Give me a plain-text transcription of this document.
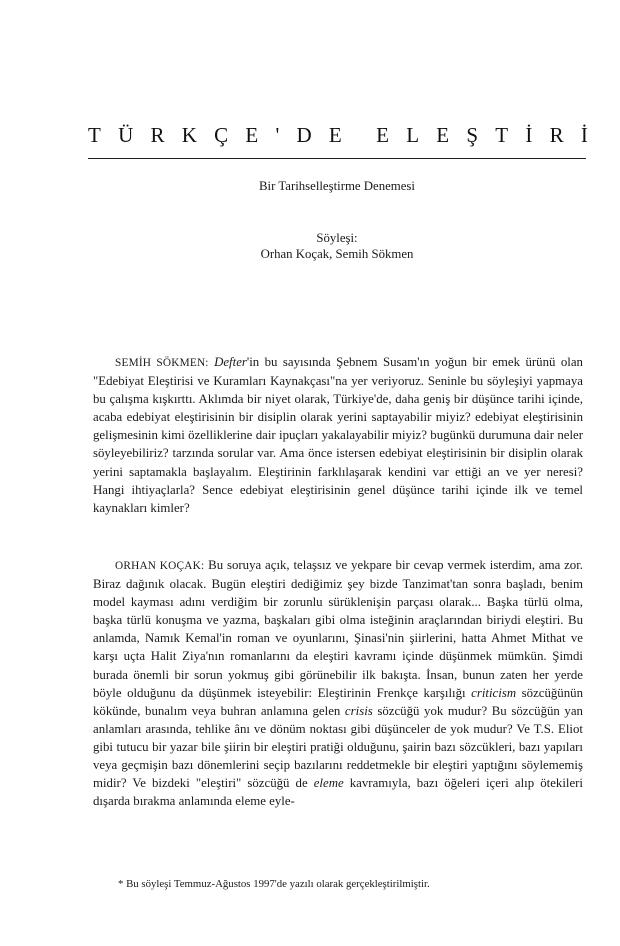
T Ü R K Ç E ' D E E L E Ş T İ R İ
Bir Tarihselleştirme Denemesi
Söyleşi:
Orhan Koçak, Semih Sökmen

SEMİH SÖKMEN: Defter'in bu sayısında Şebnem Susam'ın yoğun bir emek ürünü olan "Edebiyat Eleştirisi ve Kuramları Kaynakçası"na yer veriyoruz. Seninle bu söyleşiyi yapmaya bu çalışma kışkırttı. Aklımda bir niyet olarak, Türkiye'de, daha geniş bir düşünce tarihi içinde, acaba edebiyat eleştirisinin bir disiplin olarak yerini saptayabilir miyiz? edebiyat eleştirisinin gelişmesinin kimi özelliklerine dair ipuçları yakalayabilir miyiz? bugünkü durumuna dair neler söyleyebiliriz? tarzında sorular var. Ama önce istersen edebiyat eleştirisinin bir disiplin olarak yerini saptamakla başlayalım. Eleştirinin farklılaşarak kendini var ettiği an ve yer neresi? Hangi ihtiyaçlarla? Sence edebiyat eleştirisinin genel düşünce tarihi içinde ilk ve temel kaynakları kimler?

ORHAN KOÇAK: Bu soruya açık, telaşsız ve yekpare bir cevap vermek isterdim, ama zor. Biraz dağınık olacak. Bugün eleştiri dediğimiz şey bizde Tanzimat'tan sonra başladı, benim model kayması adını verdiğim bir zorunlu sürüklenişin parçası olarak... Başka türlü olma, başka türlü konuşma ve yazma, başkaları gibi olma isteğinin araçlarından biriydi eleştiri. Bu anlamda, Namık Kemal'in roman ve oyunlarını, Şinasi'nin şiirlerini, hatta Ahmet Mithat ve karşı uçta Halit Ziya'nın romanlarını da eleştiri kavramı içinde düşünmek mümkün. Şimdi burada önemli bir sorun yokmuş gibi görünebilir ilk bakışta. İnsan, bunun zaten her yerde böyle olduğunu da düşünmek isteyebilir: Eleştirinin Frenkçe karşılığı criticism sözcüğünün kökünde, bunalım veya buhran anlamına gelen crisis sözcüğü yok mudur? Bu sözcüğün yan anlamları arasında, tehlike ânı ve dönüm noktası gibi düşünceler de yok mudur? Ve T.S. Eliot gibi tutucu bir yazar bile şiirin bir eleştiri pratiği olduğunu, şairin bazı sözcükleri, bazı yapıları veya geçmişin bazı dönemlerini seçip bazılarını reddetmekle bir eleştiri yaptığını söylememiş midir? Ve bizdeki "eleştiri" sözcüğü de eleme kavramıyla, bazı öğeleri içeri alıp ötekileri dışarda bırakma anlamında eleme eyle-

* Bu söyleşi Temmuz-Ağustos 1997'de yazılı olarak gerçekleştirilmiştir.
